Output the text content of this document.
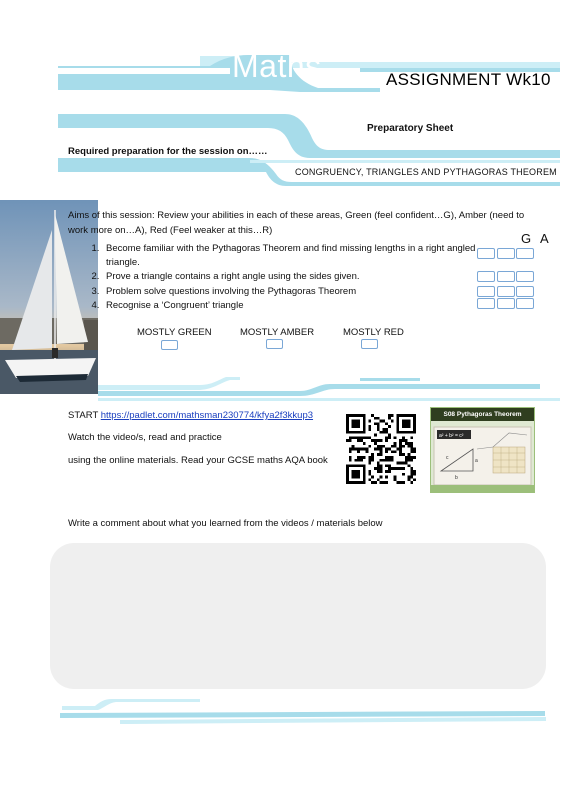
Maths	ASSIGNMENT Wk10
Preparatory Sheet
Required preparation for the session on……
CONGRUENCY, TRIANGLES AND PYTHAGORAS THEOREM
Aims of this session: Review your abilities in each of these areas, Green (feel confident…G), Amber (need to work more on…A), Red (Feel weaker at this…R)
G A
1. Become familiar with the Pythagoras Theorem and find missing lengths in a right angled triangle.
2. Prove a triangle contains a right angle using the sides given.
3. Problem solve questions involving the Pythagoras Theorem
4. Recognise a ‘Congruent’ triangle
MOSTLY GREEN	MOSTLY AMBER	MOSTLY RED
START https://padlet.com/mathsman230774/kfya2f3kkup3
Watch the video/s, read and practice
using the online materials. Read your GCSE maths AQA book
S08 Pythagoras Theorem
a² + b² = c²
b
c	a
Write a comment about what you learned from the videos / materials below
